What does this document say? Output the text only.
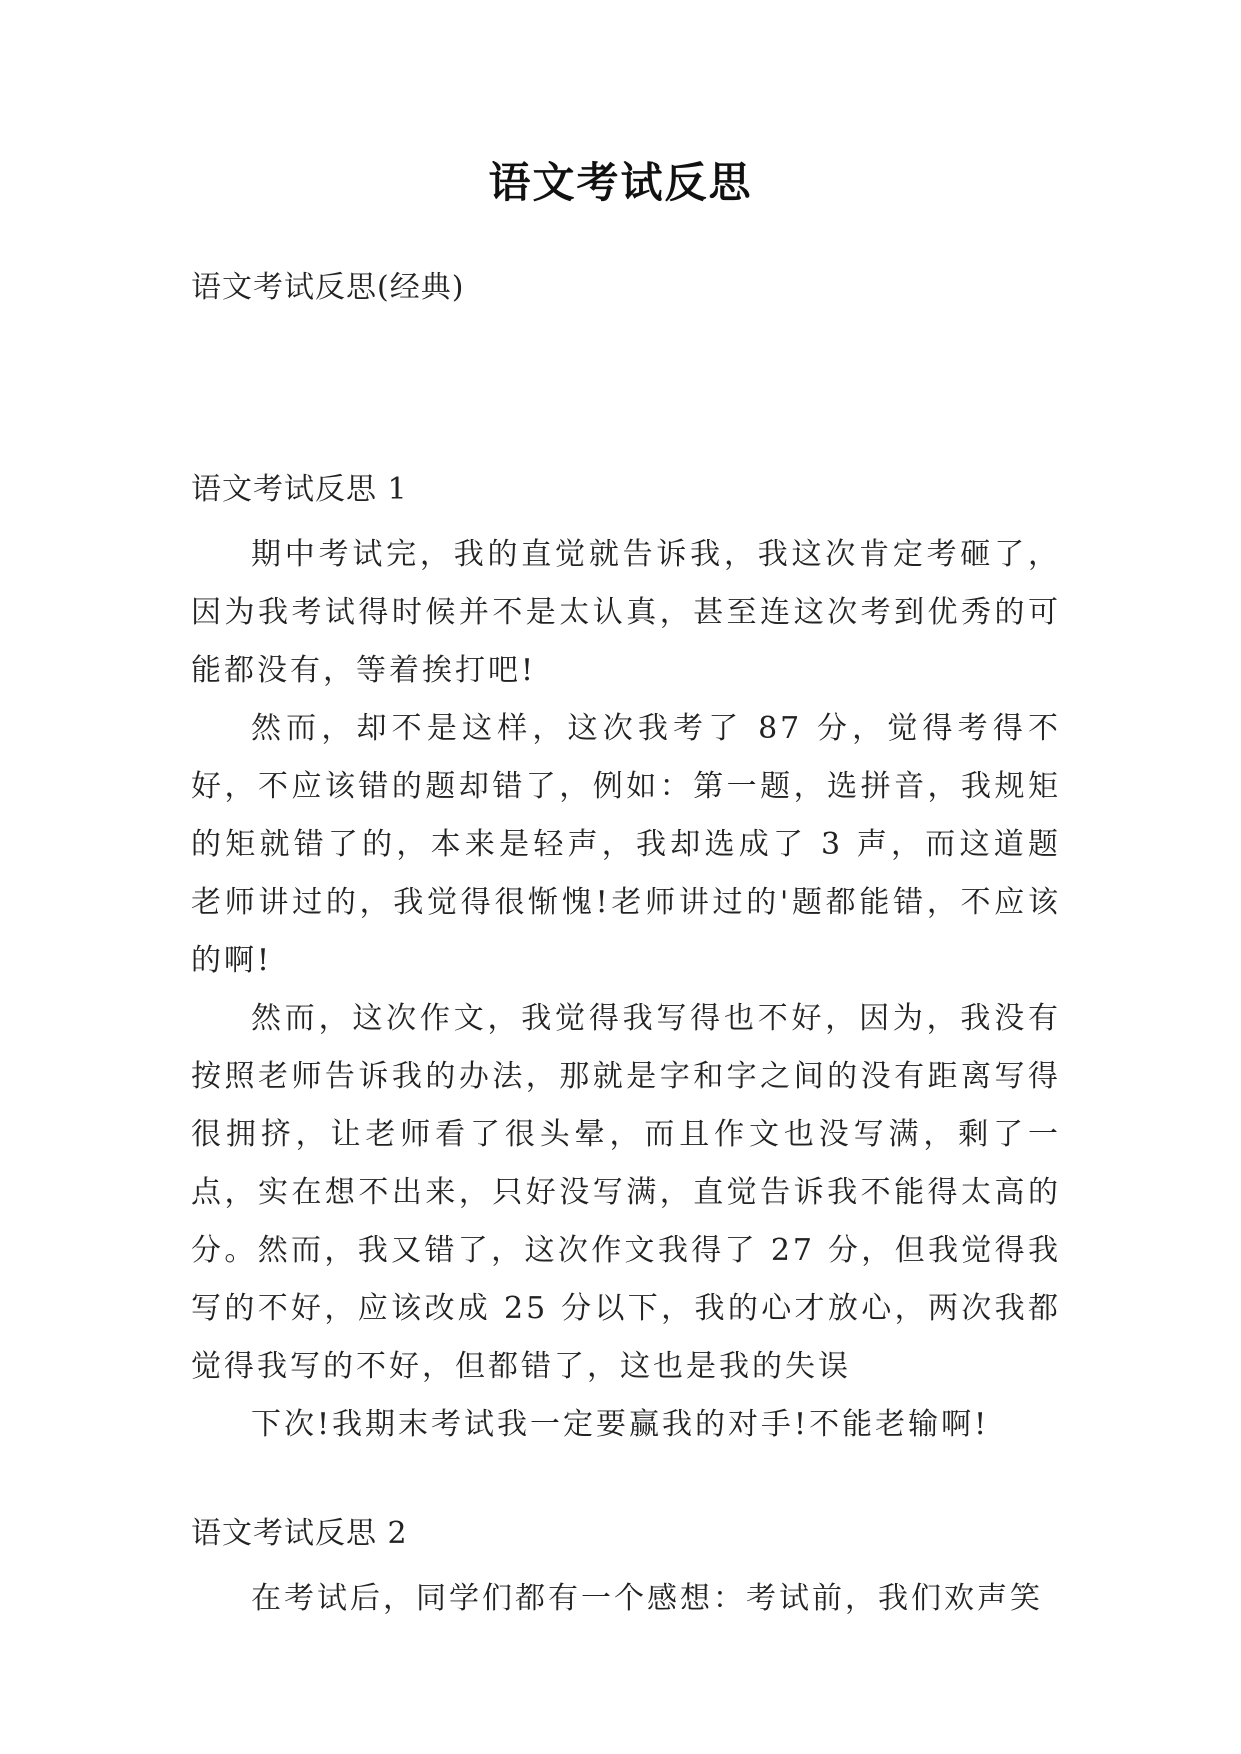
语文考试反思

语文考试反思(经典)

语文考试反思 1

期中考试完，我的直觉就告诉我，我这次肯定考砸了，因为我考试得时候并不是太认真，甚至连这次考到优秀的可能都没有，等着挨打吧!

然而，却不是这样，这次我考了 87 分，觉得考得不好，不应该错的题却错了，例如：第一题，选拼音，我规矩的矩就错了的，本来是轻声，我却选成了 3 声，而这道题老师讲过的，我觉得很惭愧!老师讲过的'题都能错，不应该的啊!

然而，这次作文，我觉得我写得也不好，因为，我没有按照老师告诉我的办法，那就是字和字之间的没有距离写得很拥挤，让老师看了很头晕，而且作文也没写满，剩了一点，实在想不出来，只好没写满，直觉告诉我不能得太高的分。然而，我又错了，这次作文我得了 27 分，但我觉得我写的不好，应该改成 25 分以下，我的心才放心，两次我都觉得我写的不好，但都错了，这也是我的失误

下次!我期末考试我一定要赢我的对手!不能老输啊!

语文考试反思 2

在考试后，同学们都有一个感想：考试前，我们欢声笑
